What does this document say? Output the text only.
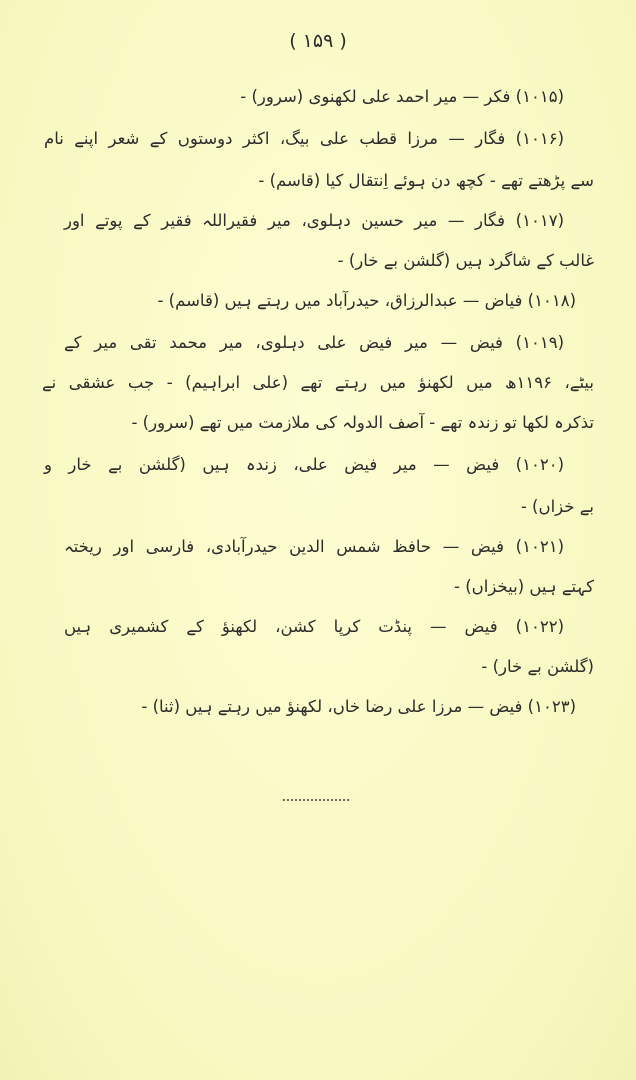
( ۱۵۹ )
(۱۰۱۵) فکر — میر احمد علی لکھنوی (سرور) -
(۱۰۱۶) فگار — مرزا قطب علی بیگ، اکثر دوستوں کے شعر اپنے نام
سے پڑھتے تھے - کچھ دن ہوئے اِنتقال کیا (قاسم) -
(۱۰۱۷) فگار — میر حسین دہلوی، میر فقیراللہ فقیر کے پوتے اور
غالب کے شاگرد ہیں (گلشن بے خار) -
(۱۰۱۸) فیاض — عبدالرزاق، حیدرآباد میں رہتے ہیں (قاسم) -
(۱۰۱۹) فیض — میر فیض علی دہلوی، میر محمد تقی میر کے
بیٹے، ۱۱۹۶ھ میں لکھنؤ میں رہتے تھے (علی ابراہیم) - جب عشقی نے
تذکرہ لکھا تو زندہ تھے - آصف الدولہ کی ملازمت میں تھے (سرور) -
(۱۰۲۰) فیض — میر فیض علی، زندہ ہیں (گلشن بے خار و
بے خزاں) -
(۱۰۲۱) فیض — حافظ شمس الدین حیدرآبادی، فارسی اور ریختہ
کہتے ہیں (بیخزاں) -
(۱۰۲۲) فیض — پنڈت کرپا کشن، لکھنؤ کے کشمیری ہیں
(گلشن بے خار) -
(۱۰۲۳) فیض — مرزا علی رضا خاں، لکھنؤ میں رہتے ہیں (ثنا) -
